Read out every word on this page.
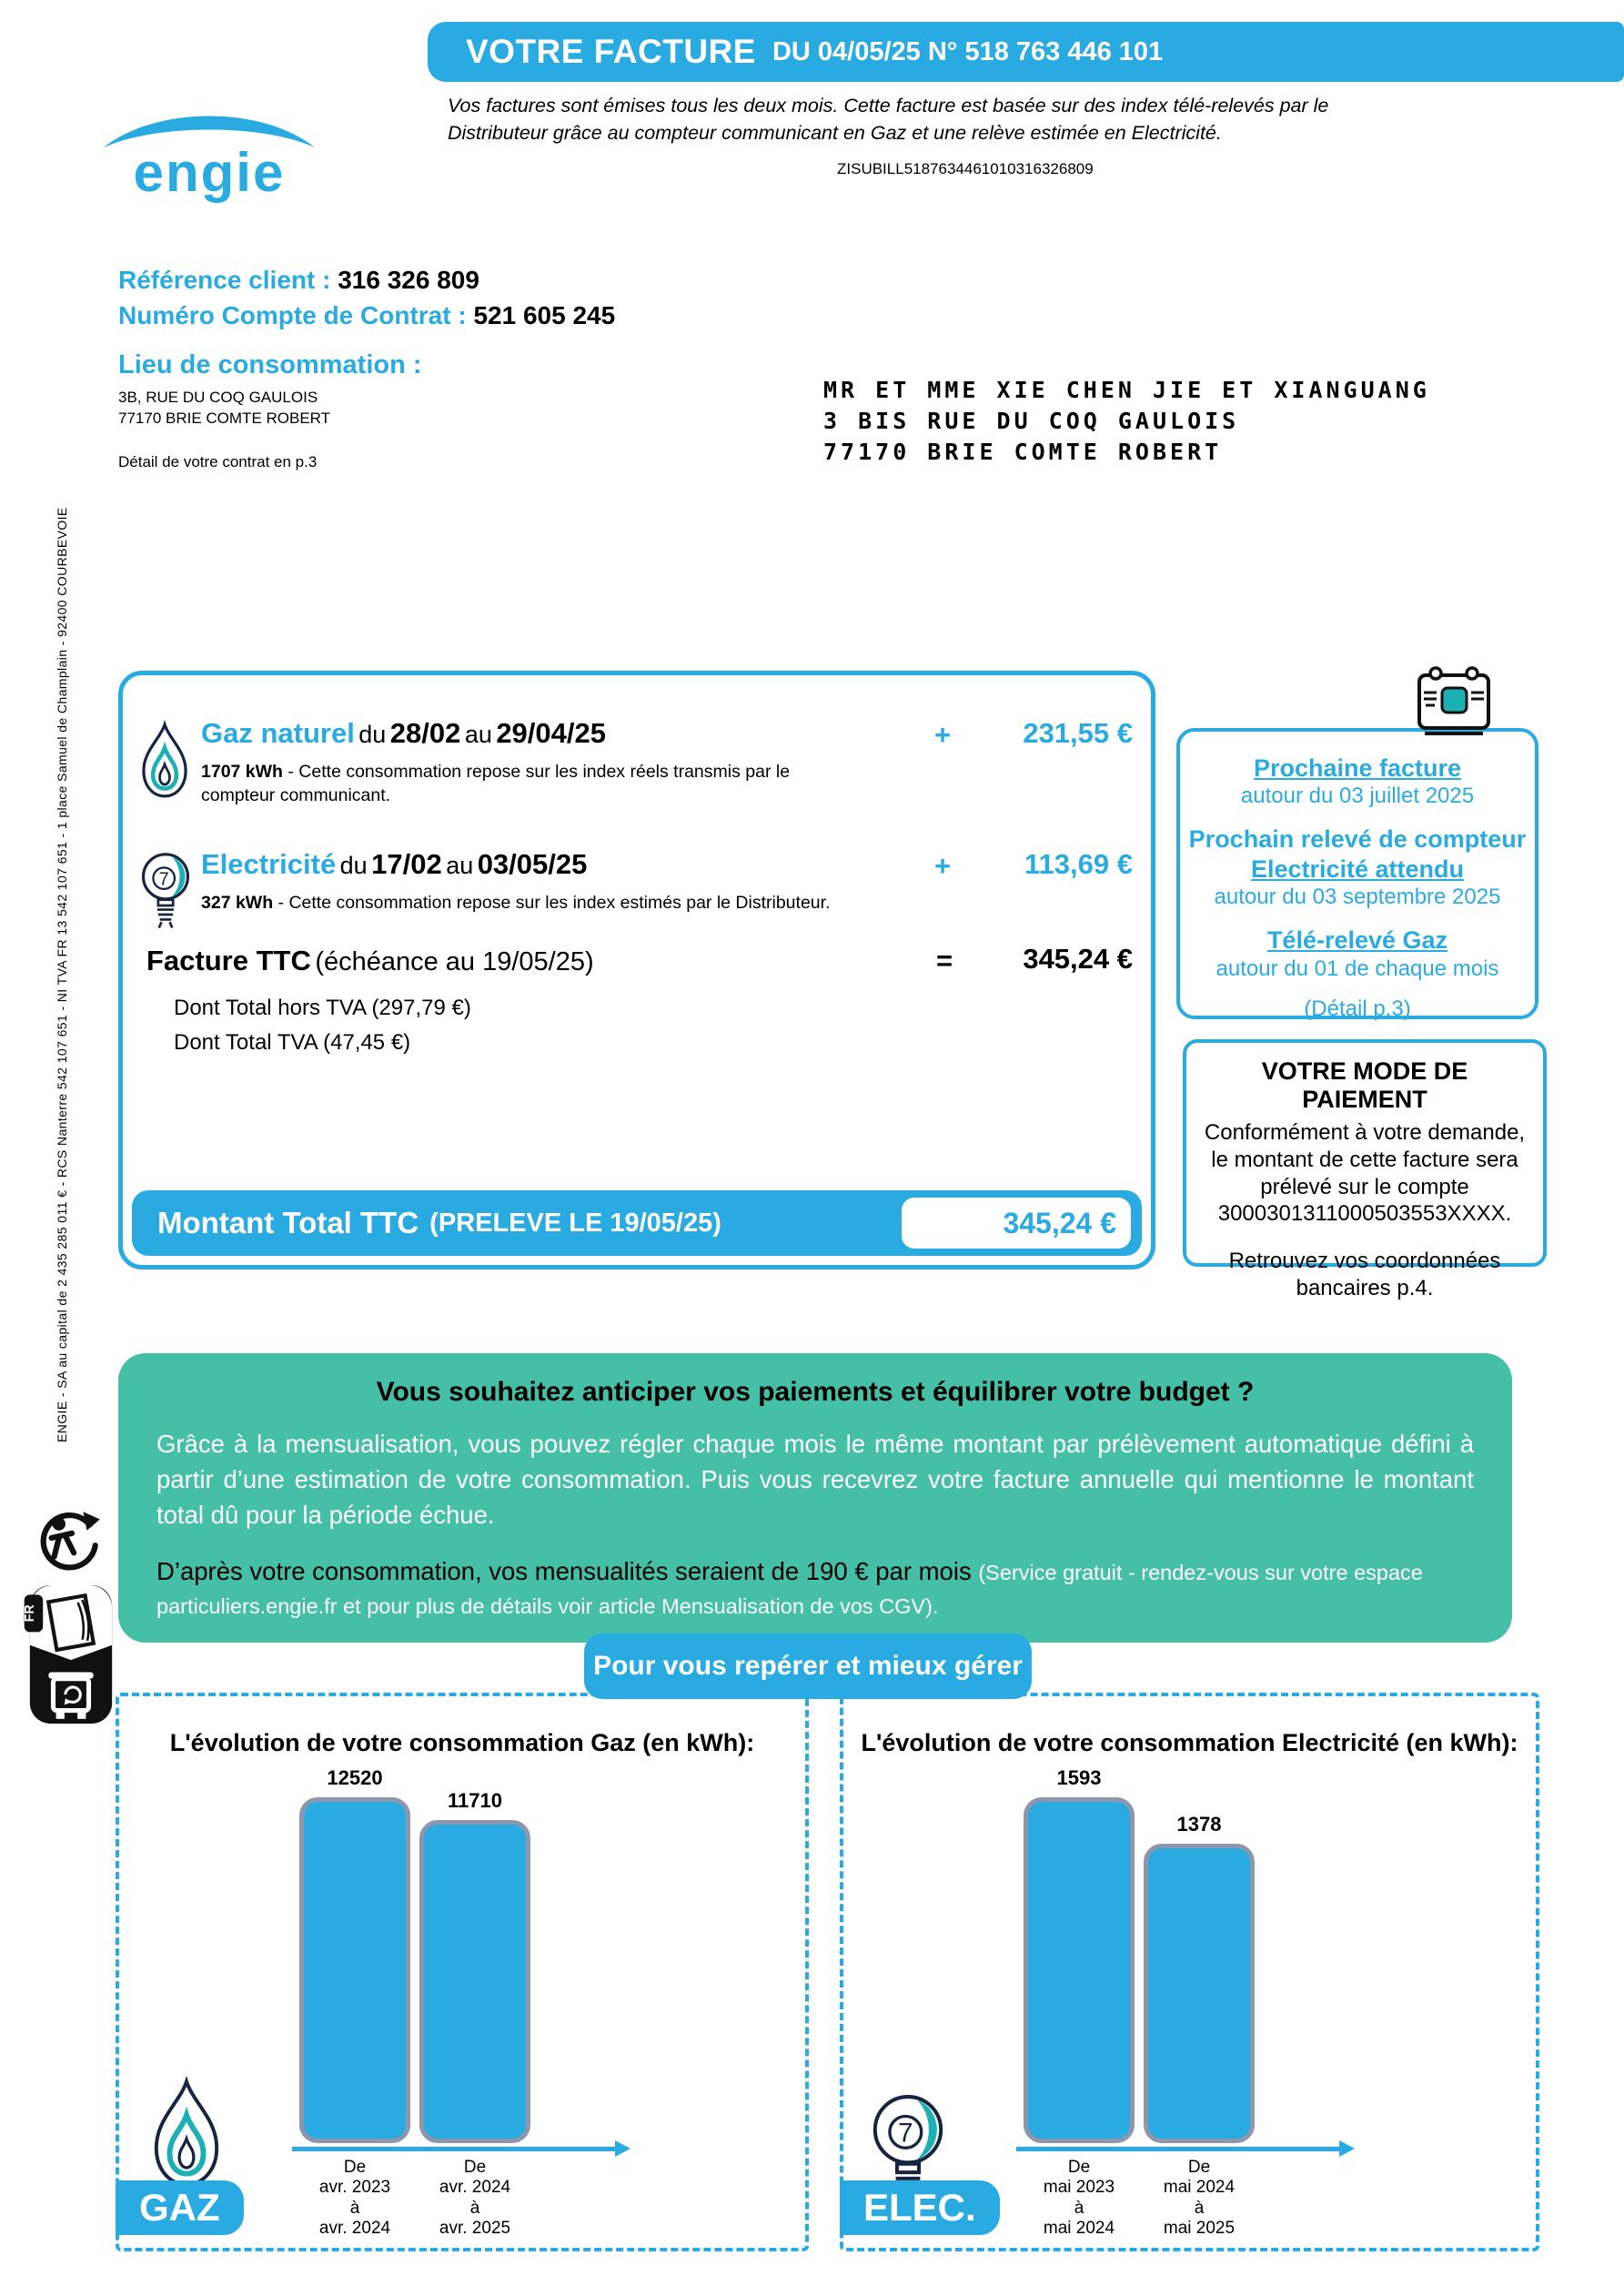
ENGIE - SA au capital de 2 435 285 011 € - RCS Nanterre 542 107 651 - NI TVA FR 13 542 107 651 - 1 place Samuel de Champlain - 92400 COURBEVOIE
engie
VOTRE FACTURE DU 04/05/25 N° 518 763 446 101
Vos factures sont émises tous les deux mois. Cette facture est basée sur des index télé-relevés par le
Distributeur grâce au compteur communicant en Gaz et une relève estimée en Electricité.
ZISUBILL5187634461010316326809
Référence client : 316 326 809
Numéro Compte de Contrat : 521 605 245
Lieu de consommation :
3B, RUE DU COQ GAULOIS
77170 BRIE COMTE ROBERT
Détail de votre contrat en p.3
MR ET MME XIE CHEN JIE ET XIANGUANG
3 BIS RUE DU COQ GAULOIS
77170 BRIE COMTE ROBERT
Gaz naturel du 28/02 au 29/04/25	+	231,55 €
1707 kWh - Cette consommation repose sur les index réels transmis par le compteur communicant.
7 Electricité du 17/02 au 03/05/25	+	113,69 €
327 kWh - Cette consommation repose sur les index estimés par le Distributeur.
Facture TTC (échéance au 19/05/25)	=	345,24 €
Dont Total hors TVA (297,79 €)
Dont Total TVA (47,45 €)
Montant Total TTC (PRELEVE LE 19/05/25)	345,24 €
Prochaine facture
autour du 03 juillet 2025
Prochain relevé de compteur
Electricité attendu
autour du 03 septembre 2025
Télé-relevé Gaz
autour du 01 de chaque mois
(Détail p.3)
VOTRE MODE DE PAIEMENT
Conformément à votre demande, le montant de cette facture sera prélevé sur le compte 3000301311000503553XXXX.
Retrouvez vos coordonnées bancaires p.4.
Vous souhaitez anticiper vos paiements et équilibrer votre budget ?
Grâce à la mensualisation, vous pouvez régler chaque mois le même montant par prélèvement automatique défini à partir d’une estimation de votre consommation. Puis vous recevrez votre facture annuelle qui mentionne le montant total dû pour la période échue.
D’après votre consommation, vos mensualités seraient de 190 € par mois (Service gratuit - rendez-vous sur votre espace particuliers.engie.fr et pour plus de détails voir article Mensualisation de vos CGV).
Pour vous repérer et mieux gérer
L'évolution de votre consommation Gaz (en kWh):
12520
11710
De
avr. 2023
à
avr. 2024
De
avr. 2024
à
avr. 2025
GAZ
L'évolution de votre consommation Electricité (en kWh):
1593
1378
De
mai 2023
à
mai 2024
De
mai 2024
à
mai 2025
7
ELEC.
FR
